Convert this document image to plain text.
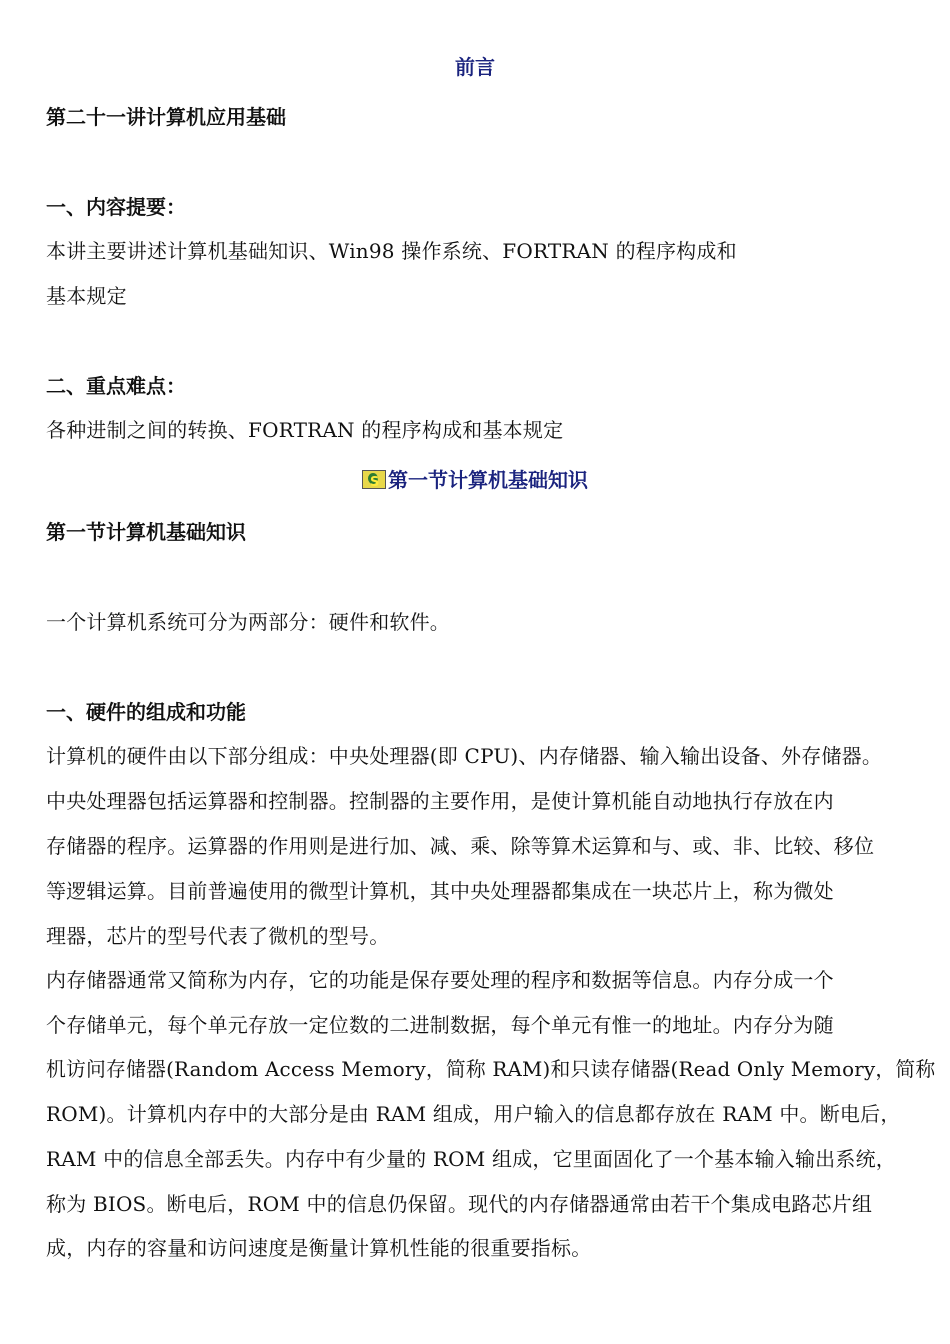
前言
第二十一讲计算机应用基础
一、内容提要：
本讲主要讲述计算机基础知识、Win98 操作系统、FORTRAN 的程序构成和
基本规定
二、重点难点：
各种进制之间的转换、FORTRAN 的程序构成和基本规定
S第一节计算机基础知识
第一节计算机基础知识
一个计算机系统可分为两部分：硬件和软件。
一、硬件的组成和功能
计算机的硬件由以下部分组成：中央处理器(即 CPU)、内存储器、输入输出设备、外存储器。
中央处理器包括运算器和控制器。控制器的主要作用，是使计算机能自动地执行存放在内
存储器的程序。运算器的作用则是进行加、减、乘、除等算术运算和与、或、非、比较、移位
等逻辑运算。目前普遍使用的微型计算机，其中央处理器都集成在一块芯片上，称为微处
理器，芯片的型号代表了微机的型号。
内存储器通常又简称为内存，它的功能是保存要处理的程序和数据等信息。内存分成一个
个存储单元，每个单元存放一定位数的二进制数据，每个单元有惟一的地址。内存分为随
机访问存储器(Random Access Memory，简称 RAM)和只读存储器(Read Only Memory，简称
ROM)。计算机内存中的大部分是由 RAM 组成，用户输入的信息都存放在 RAM 中。断电后，
RAM 中的信息全部丢失。内存中有少量的 ROM 组成，它里面固化了一个基本输入输出系统，
称为 BIOS。断电后，ROM 中的信息仍保留。现代的内存储器通常由若干个集成电路芯片组
成，内存的容量和访问速度是衡量计算机性能的很重要指标。
